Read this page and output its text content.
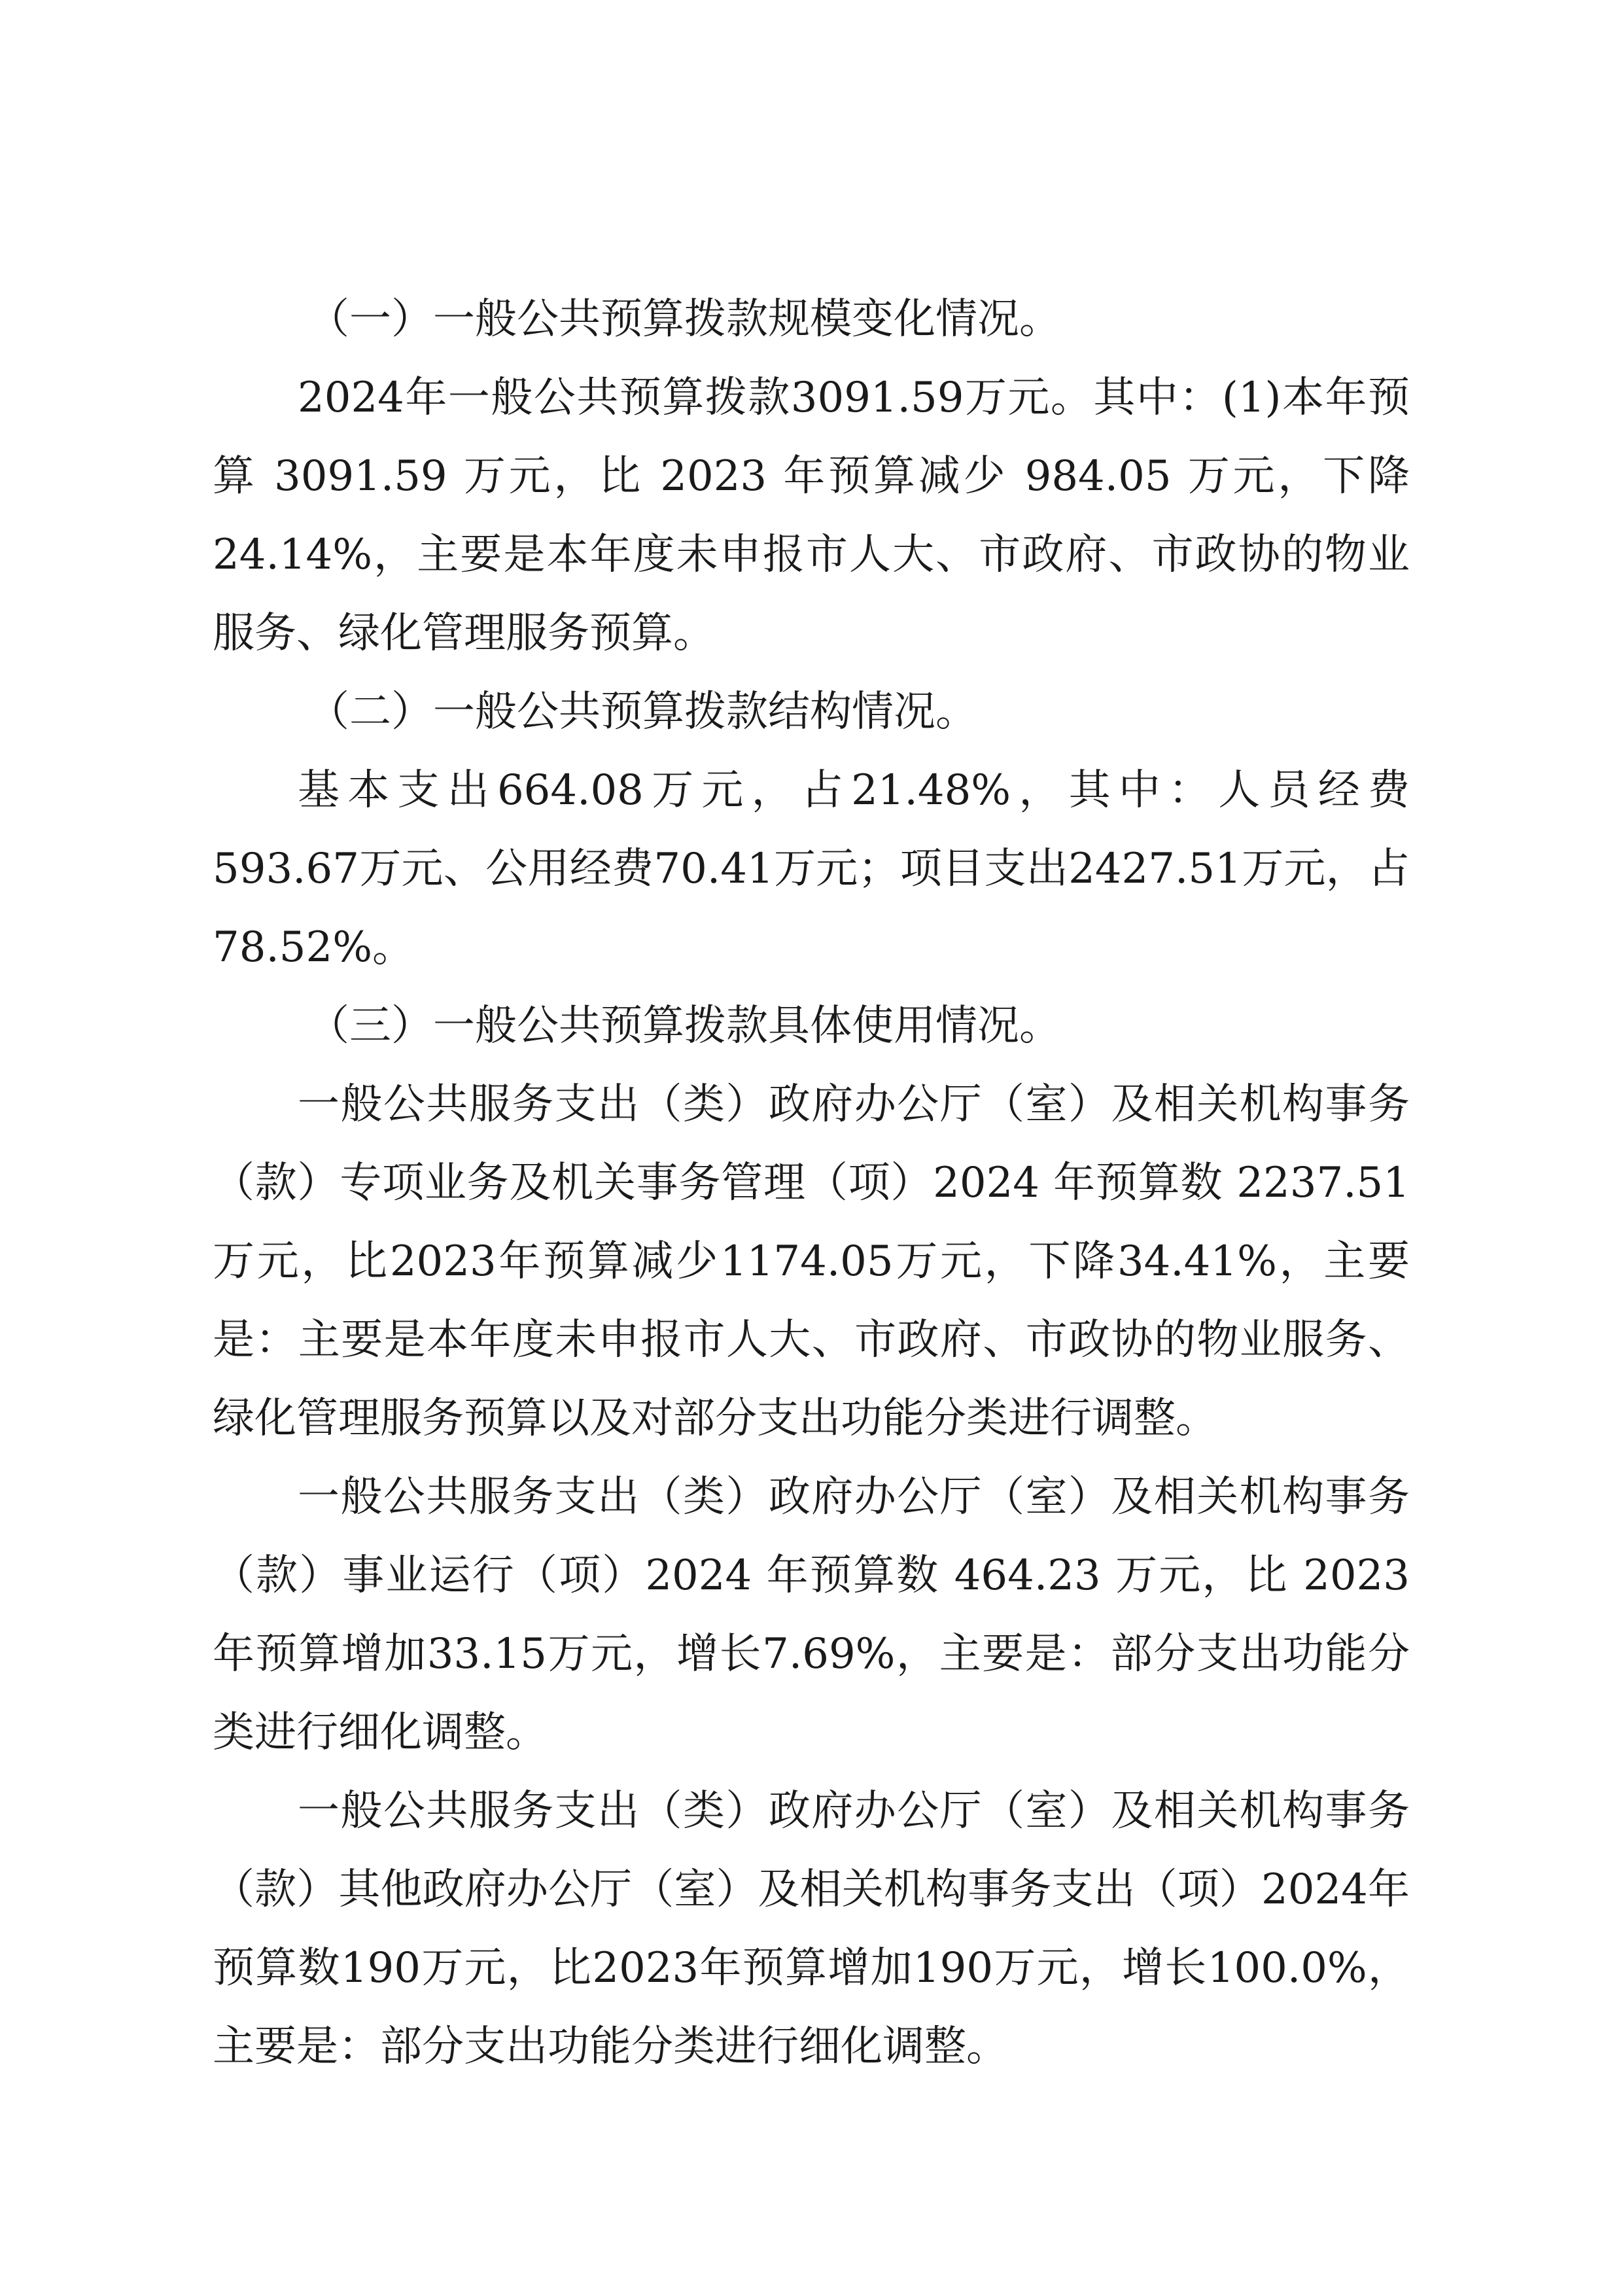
（一）一般公共预算拨款规模变化情况。

2024年一般公共预算拨款3091.59万元。其中：(1)本年预算 3091.59 万元，比 2023 年预算减少 984.05 万元，下降24.14%，主要是本年度未申报市人大、市政府、市政协的物业服务、绿化管理服务预算。

（二）一般公共预算拨款结构情况。

基本支出664.08万元，占21.48%，其中：人员经费593.67万元、公用经费70.41万元；项目支出2427.51万元，占78.52%。

（三）一般公共预算拨款具体使用情况。

一般公共服务支出（类）政府办公厅（室）及相关机构事务（款）专项业务及机关事务管理（项）2024 年预算数 2237.51万元，比2023年预算减少1174.05万元，下降34.41%，主要是：主要是本年度未申报市人大、市政府、市政协的物业服务、绿化管理服务预算以及对部分支出功能分类进行调整。

一般公共服务支出（类）政府办公厅（室）及相关机构事务（款）事业运行（项）2024 年预算数 464.23 万元，比 2023 年预算增加33.15万元，增长7.69%，主要是：部分支出功能分类进行细化调整。

一般公共服务支出（类）政府办公厅（室）及相关机构事务（款）其他政府办公厅（室）及相关机构事务支出（项）2024年预算数190万元，比2023年预算增加190万元，增长100.0%，主要是：部分支出功能分类进行细化调整。
